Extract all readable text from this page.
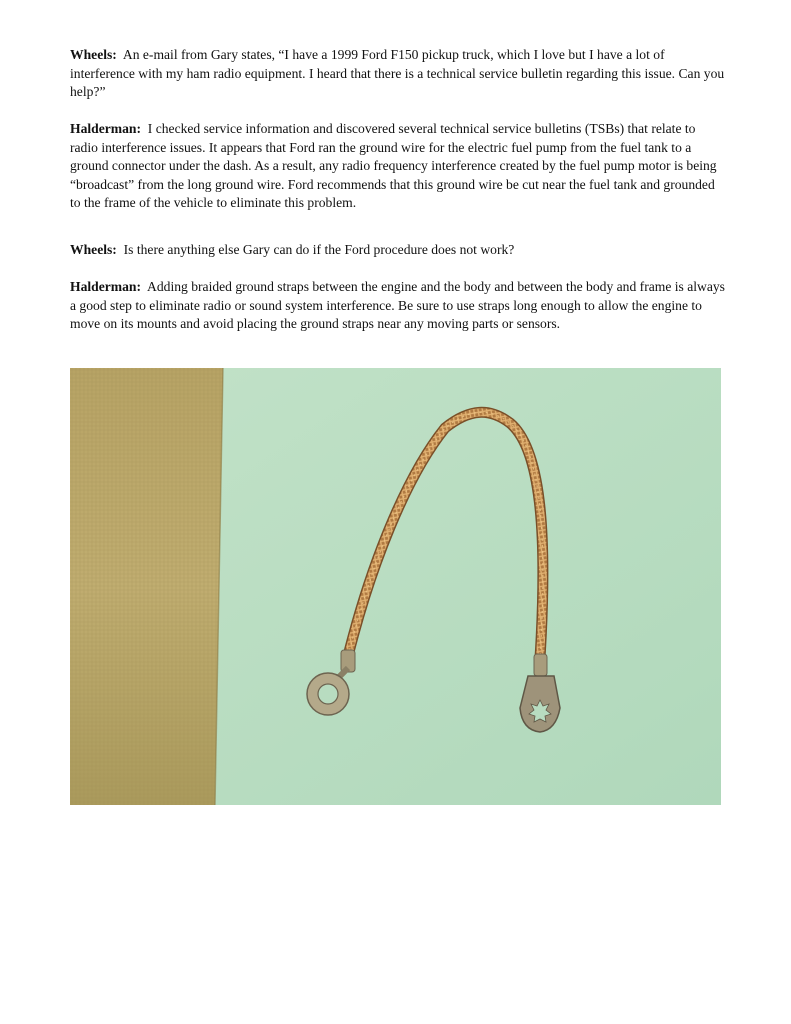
Wheels: An e-mail from Gary states, “I have a 1999 Ford F150 pickup truck, which I love but I have a lot of interference with my ham radio equipment. I heard that there is a technical service bulletin regarding this issue. Can you help?”

Halderman: I checked service information and discovered several technical service bulletins (TSBs) that relate to radio interference issues. It appears that Ford ran the ground wire for the electric fuel pump from the fuel tank to a ground connector under the dash. As a result, any radio frequency interference created by the fuel pump motor is being “broadcast” from the long ground wire. Ford recommends that this ground wire be cut near the fuel tank and grounded to the frame of the vehicle to eliminate this problem.

Wheels: Is there anything else Gary can do if the Ford procedure does not work?

Halderman: Adding braided ground straps between the engine and the body and between the body and frame is always a good step to eliminate radio or sound system interference. Be sure to use straps long enough to allow the engine to move on its mounts and avoid placing the ground straps near any moving parts or sensors.
